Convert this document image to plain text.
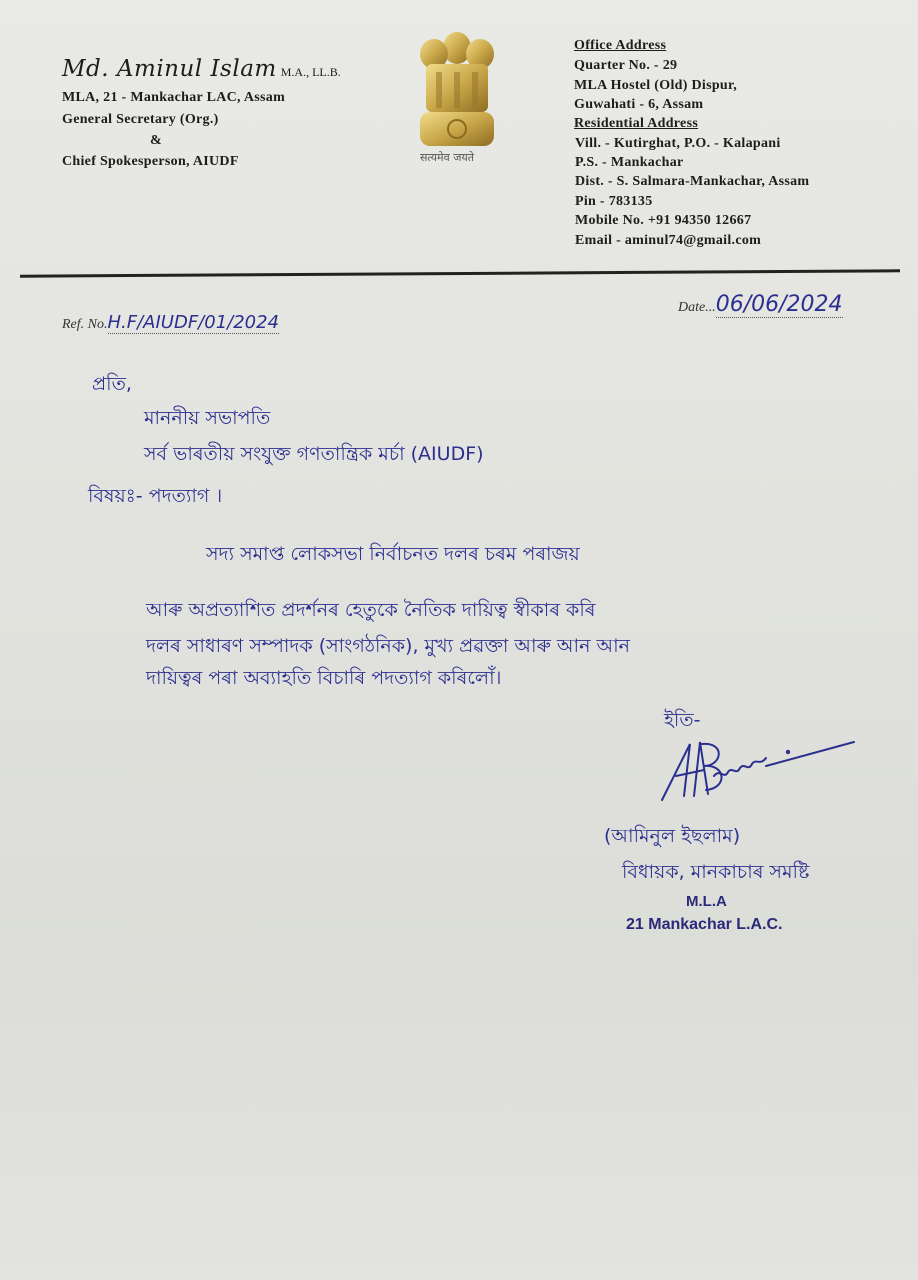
Md. Aminul Islam M.A., LL.B.
MLA, 21 - Mankachar LAC, Assam
General Secretary (Org.)
&
Chief Spokesperson, AIUDF	सत्यमेव जयते
Office Address
Quarter No. - 29
MLA Hostel (Old) Dispur,
Guwahati - 6, Assam
Residential Address
Vill. - Kutirghat, P.O. - Kalapani
P.S. - Mankachar
Dist. - S. Salmara-Mankachar, Assam
Pin - 783135
Mobile No. +91 94350 12667
Email - aminul74@gmail.com
Ref. No.H.F/AIUDF/01/2024
Date...06/06/2024
প্ৰতি,
মাননীয় সভাপতি
সৰ্ব ভাৰতীয় সংযুক্ত গণতান্ত্ৰিক মৰ্চা (AIUDF)
বিষয়ঃ- পদত্যাগ ।
সদ্য সমাপ্ত লোকসভা নিৰ্বাচনত দলৰ চৰম পৰাজয়
আৰু অপ্ৰত্যাশিত প্ৰদৰ্শনৰ হেতুকে নৈতিক দায়িত্ব স্বীকাৰ কৰি
দলৰ সাধাৰণ সম্পাদক (সাংগঠনিক), মুখ্য প্ৰৱক্তা আৰু আন আন
দায়িত্বৰ পৰা অব্যাহতি বিচাৰি পদত্যাগ কৰিলোঁ।
ইতি-
(আমিনুল ইছলাম)
বিধায়ক, মানকাচাৰ সমষ্টি
M.L.A
21 Mankachar L.A.C.
